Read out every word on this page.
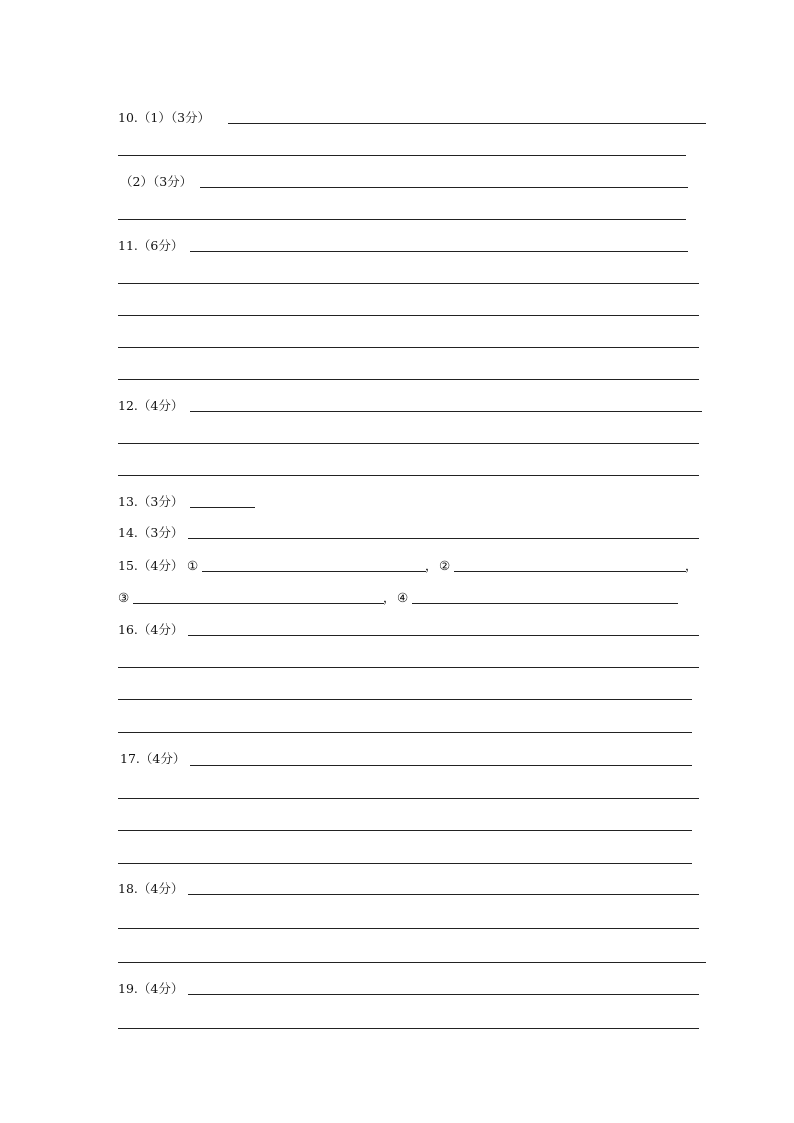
10.（1）（3分）
（2）（3分）
11.（6分）
12.（4分）
13.（3分）
14.（3分）
15.（4分） ①	， ②	，
③	， ④
16.（4分）
17.（4分）
18.（4分）
19.（4分）
